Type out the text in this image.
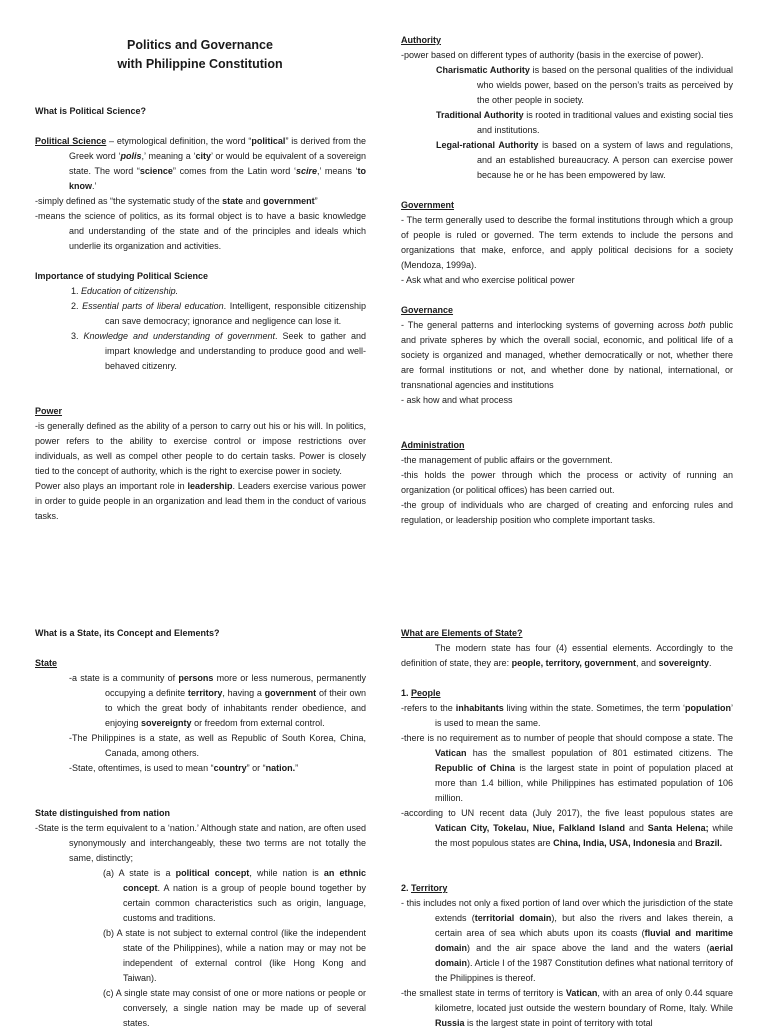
Politics and Governance
with Philippine Constitution
What is Political Science?
Political Science – etymological definition, the word “political” is derived from the Greek word ‘polis,’ meaning a ‘city’ or would be equivalent of a sovereign state. The word “science” comes from the Latin word ‘scire,’ means ‘to know.’
-simply defined as “the systematic study of the state and government”
-means the science of politics, as its formal object is to have a basic knowledge and understanding of the state and of the principles and ideals which underlie its organization and activities.
Importance of studying Political Science
1. Education of citizenship.
2. Essential parts of liberal education. Intelligent, responsible citizenship can save democracy; ignorance and negligence can lose it.
3. Knowledge and understanding of government. Seek to gather and impart knowledge and understanding to produce good and well-behaved citizenry.
Power
-is generally defined as the ability of a person to carry out his or his will. In politics, power refers to the ability to exercise control or impose restrictions over individuals, as well as compel other people to do certain tasks. Power is closely tied to the concept of authority, which is the right to exercise power in society.
Power also plays an important role in leadership. Leaders exercise various power in order to guide people in an organization and lead them in the conduct of various tasks.
Authority
-power based on different types of authority (basis in the exercise of power).
Charismatic Authority is based on the personal qualities of the individual who wields power, based on the person’s traits as perceived by the other people in society.
Traditional Authority is rooted in traditional values and existing social ties and institutions.
Legal-rational Authority is based on a system of laws and regulations, and an established bureaucracy. A person can exercise power because he or he has been empowered by law.
Government
- The term generally used to describe the formal institutions through which a group of people is ruled or governed. The term extends to include the persons and organizations that make, enforce, and apply political decisions for a society (Mendoza, 1999a).
- Ask what and who exercise political power
Governance
- The general patterns and interlocking systems of governing across both public and private spheres by which the overall social, economic, and political life of a society is organized and managed, whether democratically or not, whether there are formal institutions or not, and whether done by national, international, or transnational agencies and institutions
- ask how and what process
Administration
-the management of public affairs or the government.
-this holds the power through which the process or activity of running an organization (or political offices) has been carried out.
-the group of individuals who are charged of creating and enforcing rules and regulation, or leadership position who complete important tasks.
What is a State, its Concept and Elements?
State
-a state is a community of persons more or less numerous, permanently occupying a definite territory, having a government of their own to which the great body of inhabitants render obedience, and enjoying sovereignty or freedom from external control.
-The Philippines is a state, as well as Republic of South Korea, China, Canada, among others.
-State, oftentimes, is used to mean “country” or “nation.”
State distinguished from nation
-State is the term equivalent to a ‘nation.’ Although state and nation, are often used synonymously and interchangeably, these two terms are not totally the same, distinctly;
(a) A state is a political concept, while nation is an ethnic concept. A nation is a group of people bound together by certain common characteristics such as origin, language, customs and traditions.
(b) A state is not subject to external control (like the independent state of the Philippines), while a nation may or may not be independent of external control (like Hong Kong and Taiwan).
(c) A single state may consist of one or more nations or people or conversely, a single nation may be made up of several states.
What are Elements of State?
The modern state has four (4) essential elements. Accordingly to the definition of state, they are: people, territory, government, and sovereignty.
1. People
-refers to the inhabitants living within the state. Sometimes, the term ‘population’ is used to mean the same.
-there is no requirement as to number of people that should compose a state. The Vatican has the smallest population of 801 estimated citizens. The Republic of China is the largest state in point of population placed at more than 1.4 billion, while Philippines has estimated population of 106 million.
-according to UN recent data (July 2017), the five least populous states are Vatican City, Tokelau, Niue, Falkland Island and Santa Helena; while the most populous states are China, India, USA, Indonesia and Brazil.
2. Territory
- this includes not only a fixed portion of land over which the jurisdiction of the state extends (territorial domain), but also the rivers and lakes therein, a certain area of sea which abuts upon its coasts (fluvial and maritime domain) and the air space above the land and the waters (aerial domain). Article I of the 1987 Constitution defines what national territory of the Philippines is thereof.
-the smallest state in terms of territory is Vatican, with an area of only 0.44 square kilometre, located just outside the western boundary of Rome, Italy. While Russia is the largest state in point of territory with total
